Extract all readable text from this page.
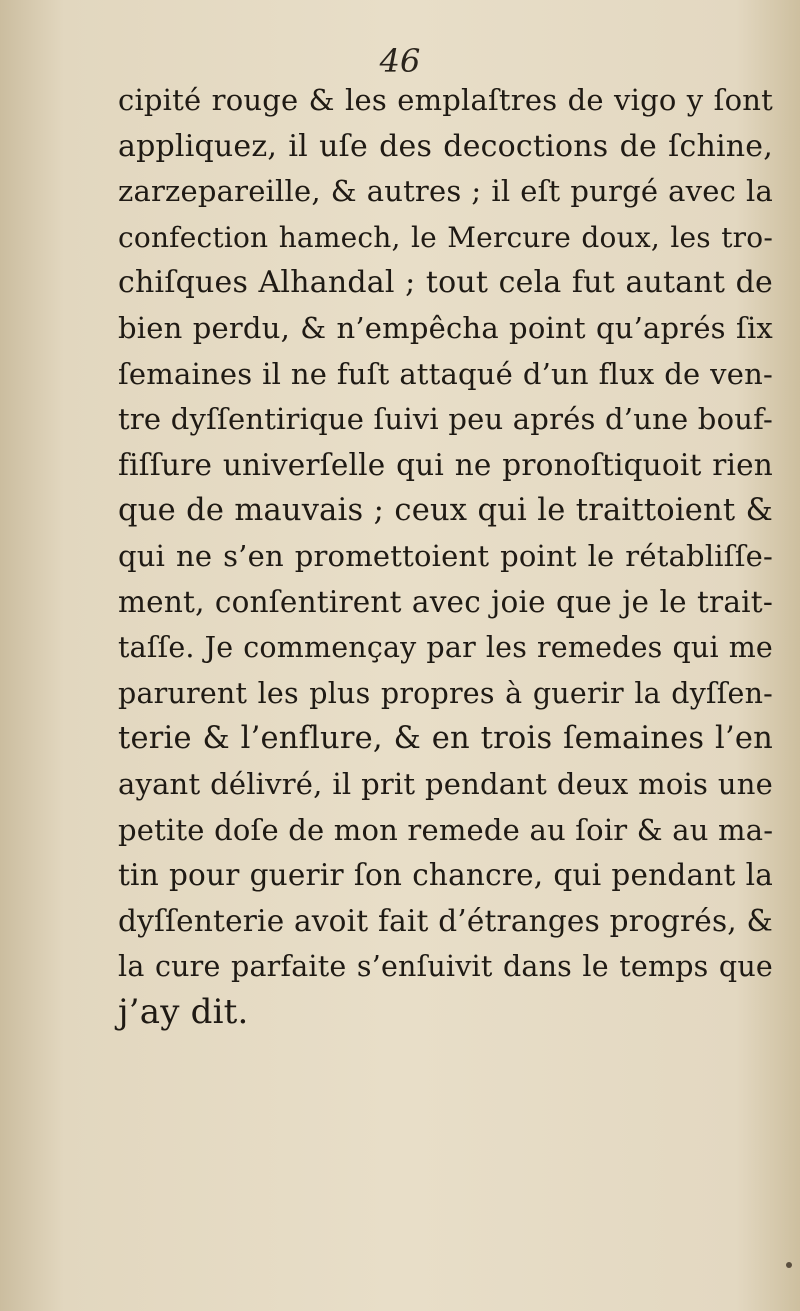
46
cipité rouge & les emplaſtres de vigo y ſont
appliquez, il uſe des decoctions de ſchine,
zarzepareille, & autres ; il eſt purgé avec la
confection hamech, le Mercure doux, les tro-
chiſques Alhandal ; tout cela fut autant de
bien perdu, & n’empêcha point qu’aprés ſix
ſemaines il ne fuſt attaqué d’un flux de ven-
tre dyſſentirique ſuivi peu aprés d’une bouf-
fiſſure univerſelle qui ne pronoſtiquoit rien
que de mauvais ; ceux qui le traittoient &
qui ne s’en promettoient point le rétabliſſe-
ment, conſentirent avec joie que je le trait-
taſſe. Je commençay par les remedes qui me
parurent les plus propres à guerir la dyſſen-
terie & l’enflure, & en trois ſemaines l’en
ayant délivré, il prit pendant deux mois une
petite doſe de mon remede au ſoir & au ma-
tin pour guerir ſon chancre, qui pendant la
dyſſenterie avoit fait d’étranges progrés, &
la cure parfaite s’enſuivit dans le temps que
j’ay dit.
